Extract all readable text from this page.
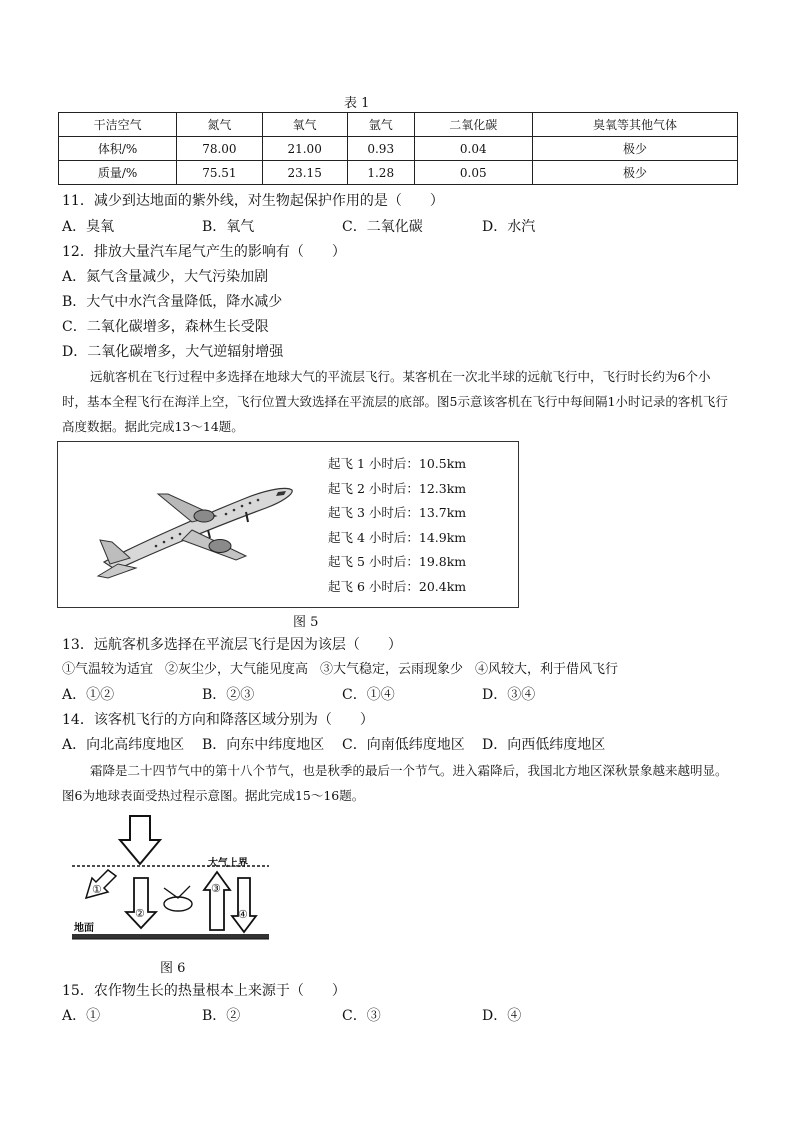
表 1
干洁空气	氮气	氧气	氩气	二氧化碳	臭氧等其他气体
体积/%	78.00	21.00	0.93	0.04	极少
质量/%	75.51	23.15	1.28	0.05	极少
11．减少到达地面的紫外线，对生物起保护作用的是（　　）
A．臭氧	B．氧气	C．二氧化碳	D．水汽
12．排放大量汽车尾气产生的影响有（　　）
A．氮气含量减少，大气污染加剧
B．大气中水汽含量降低，降水减少
C．二氧化碳增多，森林生长受限
D．二氧化碳增多，大气逆辐射增强
远航客机在飞行过程中多选择在地球大气的平流层飞行。某客机在一次北半球的远航飞行中，飞行时长约为6个小时，基本全程飞行在海洋上空，飞行位置大致选择在平流层的底部。图5示意该客机在飞行中每间隔1小时记录的客机飞行高度数据。据此完成13～14题。
起飞 1 小时后：10.5km
起飞 2 小时后：12.3km
起飞 3 小时后：13.7km
起飞 4 小时后：14.9km
起飞 5 小时后：19.8km
起飞 6 小时后：20.4km
图 5
13．远航客机多选择在平流层飞行是因为该层（　　）
①气温较为适宜 ②灰尘少，大气能见度高 ③大气稳定，云雨现象少 ④风较大，利于借风飞行
A．①②	B．②③	C．①④	D．③④
14．该客机飞行的方向和降落区域分别为（　　）
A．向北高纬度地区 B．向东中纬度地区 C．向南低纬度地区 D．向西低纬度地区
霜降是二十四节气中的第十八个节气，也是秋季的最后一个节气。进入霜降后，我国北方地区深秋景象越来越明显。图6为地球表面受热过程示意图。据此完成15～16题。
大气上界
地面
①
②
③
④
图 6
15．农作物生长的热量根本上来源于（　　）
A．①	B．②	C．③	D．④
